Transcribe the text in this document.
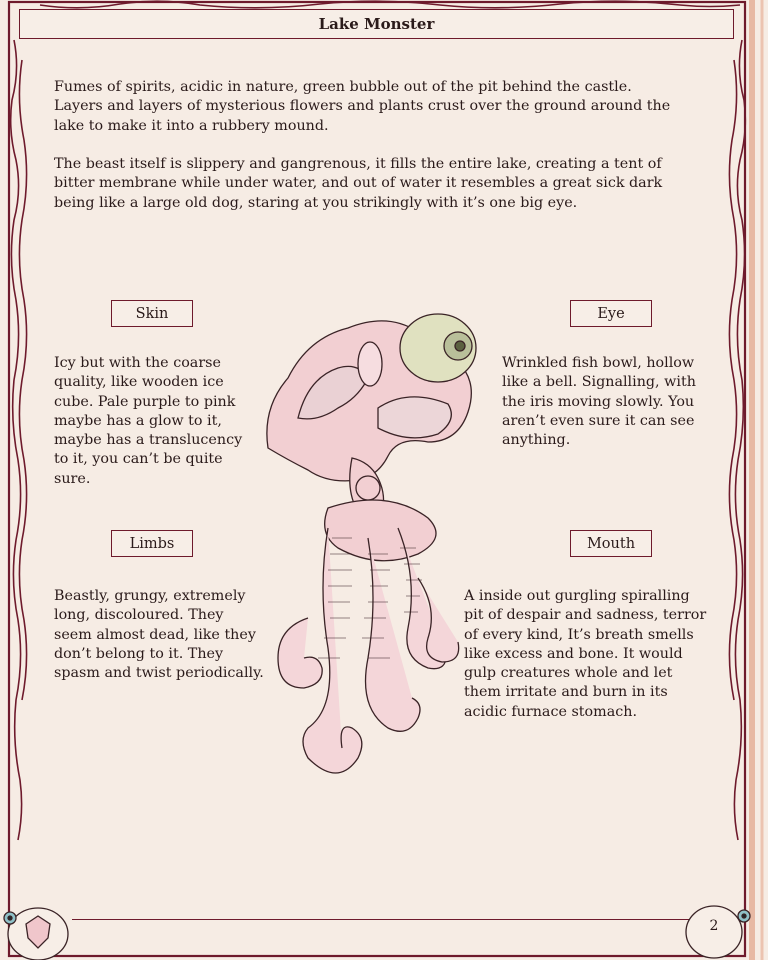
Lake Monster

Fumes of spirits, acidic in nature, green bubble out of the pit behind the castle. Layers and layers of mysterious flowers and plants crust over the ground around the lake to make it into a rubbery mound.

The beast itself is slippery and gangrenous, it fills the entire lake, creating a tent of bitter membrane while under water, and out of water it resembles a great sick dark being like a large old dog, staring at you strikingly with it’s one big eye.

Skin	Eye
Limbs	Mouth

Icy but with the coarse quality, like wooden ice cube. Pale purple to pink maybe has a glow to it, maybe has a translucency to it, you can’t be quite sure.

Wrinkled fish bowl, hollow like a bell. Signalling, with the iris moving slowly. You aren’t even sure it can see anything.

Beastly, grungy, extremely long, discoloured. They seem almost dead, like they don’t belong to it. They spasm and twist periodically.

A inside out gurgling spiralling pit of despair and sadness, terror of every kind, It’s breath smells like excess and bone. It would gulp creatures whole and let them irritate and burn in its acidic furnace stomach.

2
